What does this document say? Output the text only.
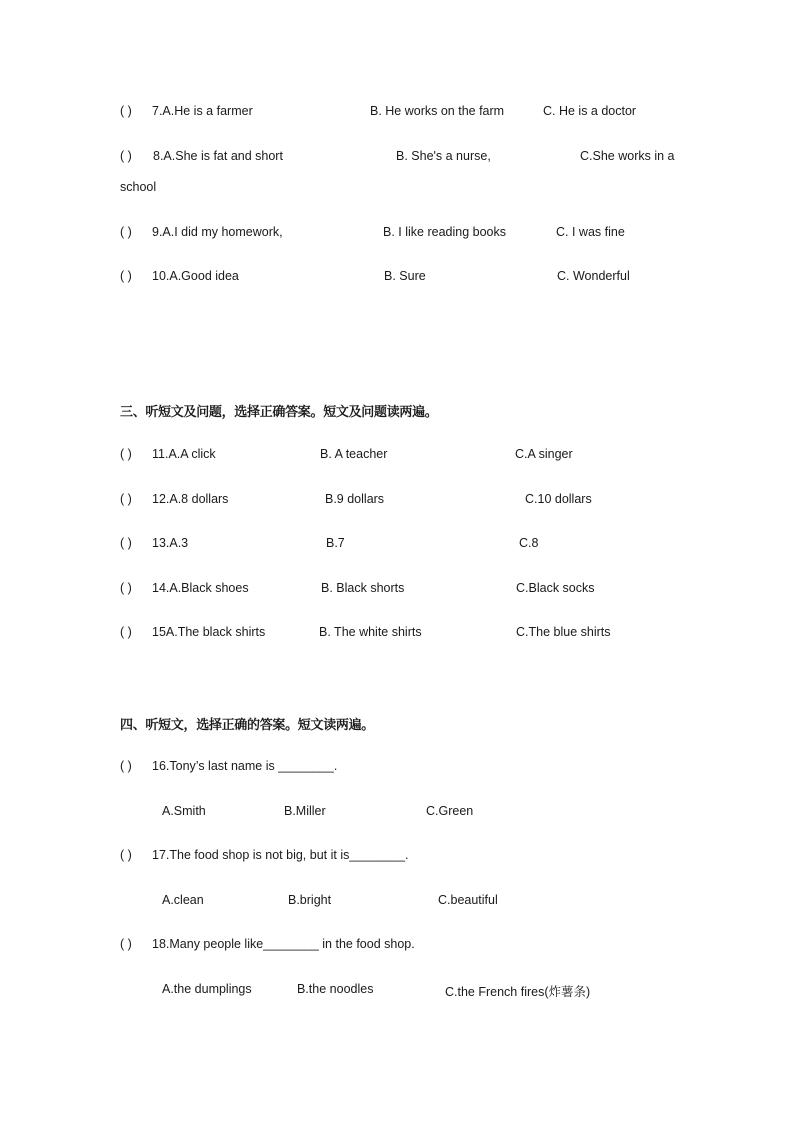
( ) 7.A.He is a farmer	B. He works on the farm	C. He is a doctor
( ) 8.A.She is fat and short	B. She's a nurse,	C.She works in a
school
( ) 9.A.I did my homework,	B. I like reading books	C. I was fine
( ) 10.A.Good idea	B. Sure	C. Wonderful
三、听短文及问题，选择正确答案。短文及问题读两遍。
( ) 11.A.A click	B. A teacher	C.A singer
( ) 12.A.8 dollars	B.9 dollars	C.10 dollars
( ) 13.A.3	B.7	C.8
( ) 14.A.Black shoes	B. Black shorts	C.Black socks
( ) 15A.The black shirts	B. The white shirts	C.The blue shirts
四、听短文，选择正确的答案。短文读两遍。
( ) 16.Tony’s last name is ________.
A.Smith	B.Miller	C.Green
( ) 17.The food shop is not big, but it is________.
A.clean	B.bright	C.beautiful
( ) 18.Many people like________ in the food shop.
A.the dumplings	B.the noodles	C.the French fires(炸薯条)
